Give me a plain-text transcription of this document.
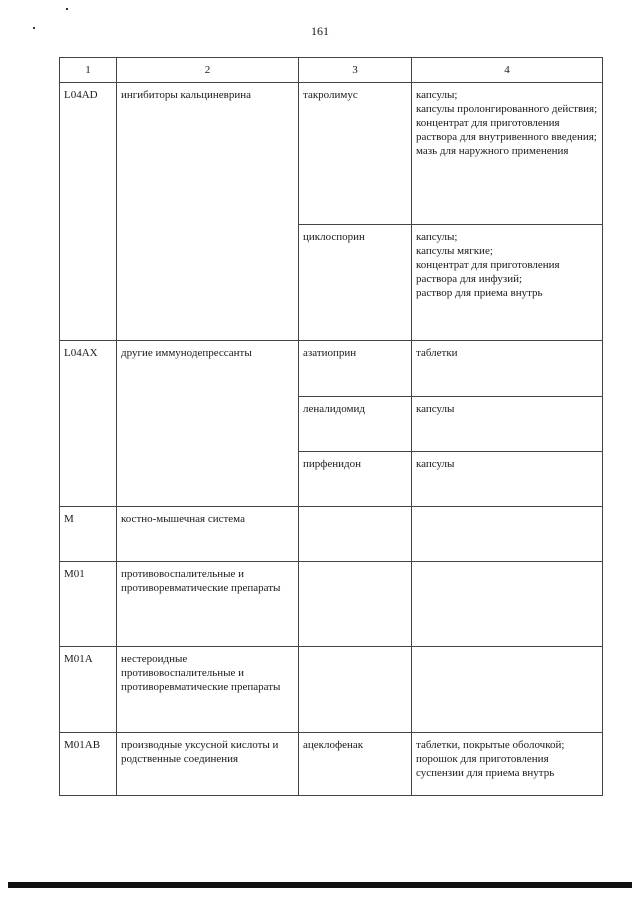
161
1	2	3	4
L04AD	ингибиторы кальциневрина	такролимус	капсулы;
капсулы пролонгированного действия;
концентрат для приготовления раствора для внутривенного введения;
мазь для наружного применения

		циклоспорин	капсулы;
капсулы мягкие;
концентрат для приготовления раствора для инфузий;
раствор для приема внутрь

L04AX	другие иммунодепрессанты	азатиоприн	таблетки
		леналидомид	капсулы
		пирфенидон	капсулы
M	костно-мышечная система		
M01	противовоспалительные и противоревматические препараты		
M01A	нестероидные противовоспалительные и противоревматические препараты		
M01AB	производные уксусной кислоты и родственные соединения	ацеклофенак	таблетки, покрытые оболочкой;
порошок для приготовления суспензии для приема внутрь
